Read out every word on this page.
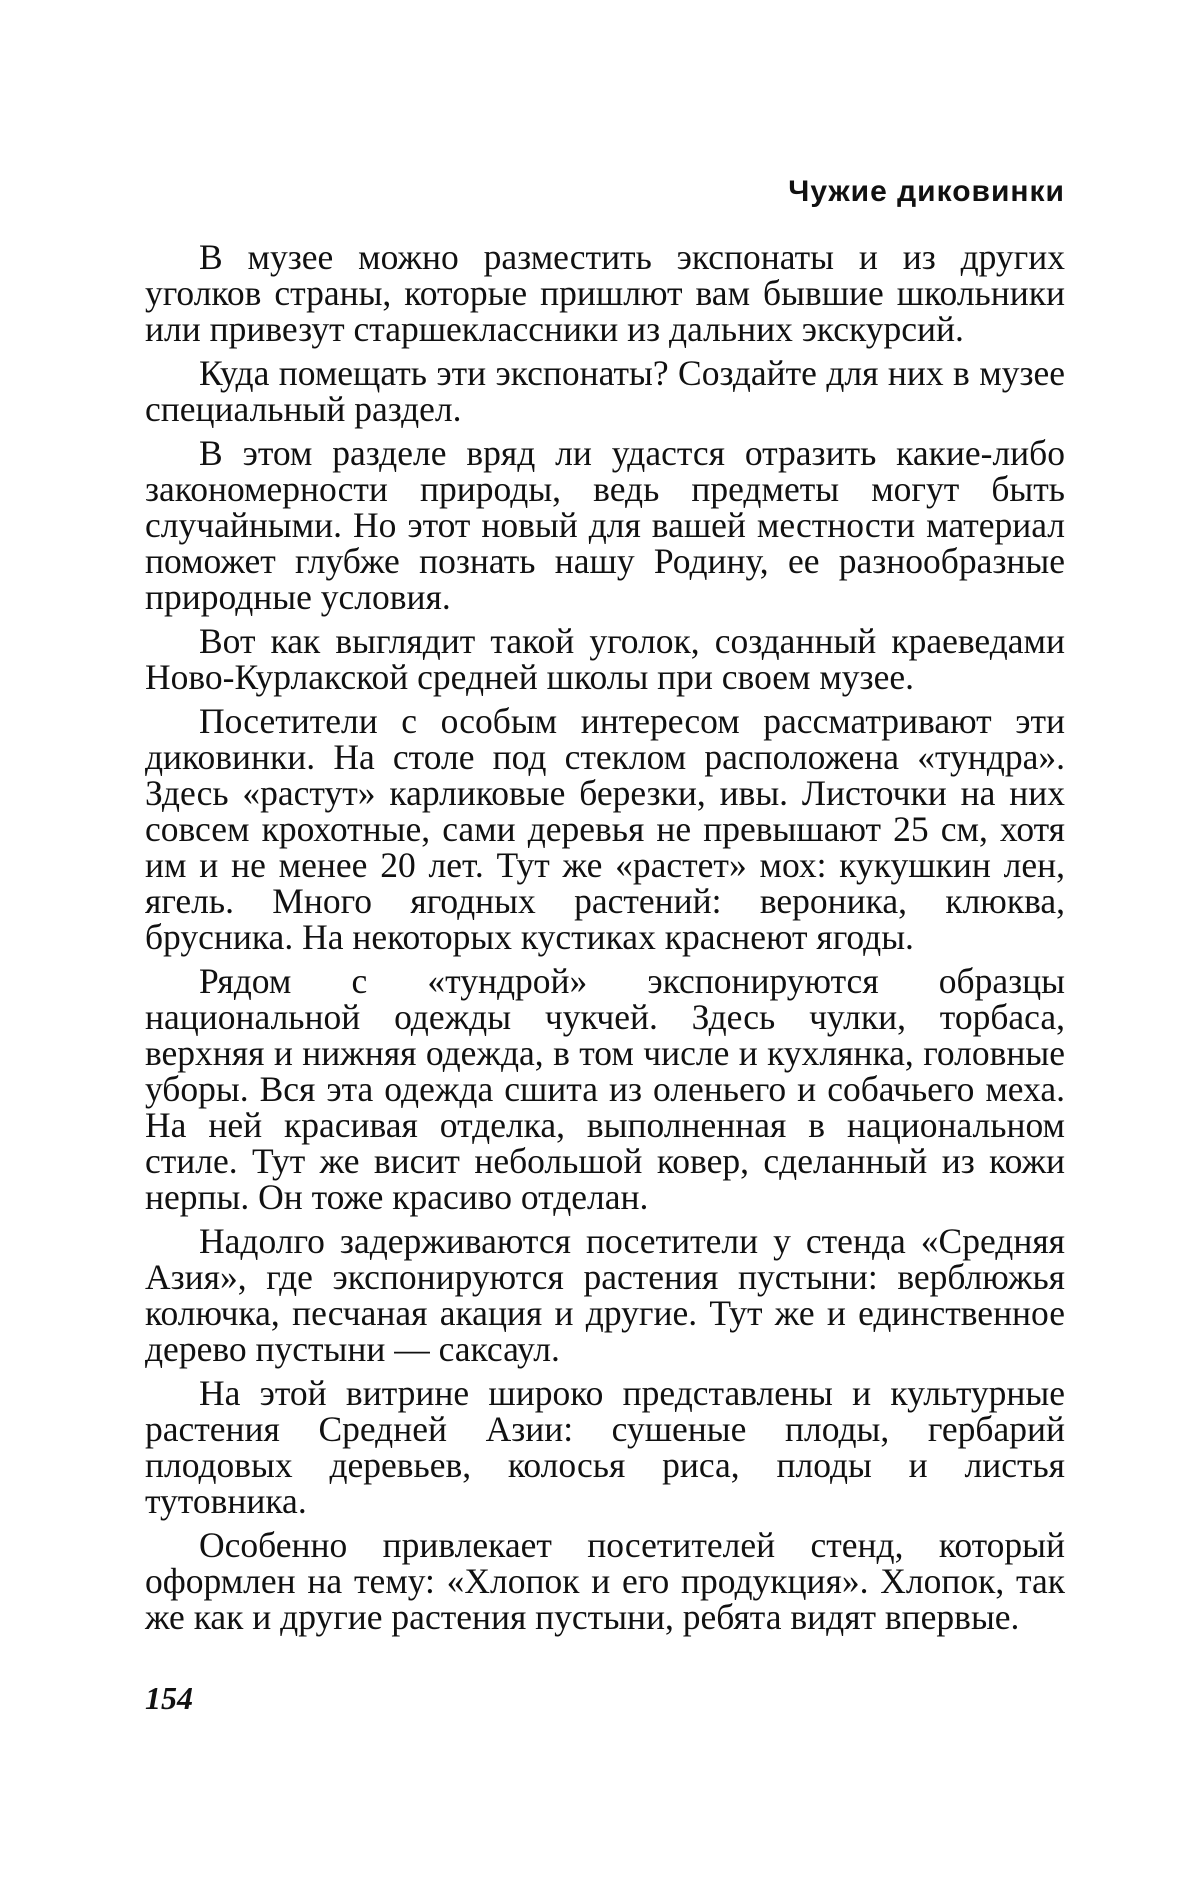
Чужие диковинки

В музее можно разместить экспонаты и из других уголков страны, которые пришлют вам бывшие школьники или привезут старшеклассники из дальних экскурсий.

Куда помещать эти экспонаты? Создайте для них в музее специальный раздел.

В этом разделе вряд ли удастся отразить какие-либо закономерности природы, ведь предметы могут быть случайными. Но этот новый для вашей местности материал поможет глубже познать нашу Родину, ее разнообразные природные условия.

Вот как выглядит такой уголок, созданный краеведами Ново-Курлакской средней школы при своем музее.

Посетители с особым интересом рассматривают эти диковинки. На столе под стеклом расположена «тундра». Здесь «растут» карликовые березки, ивы. Листочки на них совсем крохотные, сами деревья не превышают 25 см, хотя им и не менее 20 лет. Тут же «растет» мох: кукушкин лен, ягель. Много ягодных растений: вероника, клюква, брусника. На некоторых кустиках краснеют ягоды.

Рядом с «тундрой» экспонируются образцы национальной одежды чукчей. Здесь чулки, торбаса, верхняя и нижняя одежда, в том числе и кухлянка, головные уборы. Вся эта одежда сшита из оленьего и собачьего меха. На ней красивая отделка, выполненная в национальном стиле. Тут же висит небольшой ковер, сделанный из кожи нерпы. Он тоже красиво отделан.

Надолго задерживаются посетители у стенда «Средняя Азия», где экспонируются растения пустыни: верблюжья колючка, песчаная акация и другие. Тут же и единственное дерево пустыни — саксаул.

На этой витрине широко представлены и культурные растения Средней Азии: сушеные плоды, гербарий плодовых деревьев, колосья риса, плоды и листья тутовника.

Особенно привлекает посетителей стенд, который оформлен на тему: «Хлопок и его продукция». Хлопок, так же как и другие растения пустыни, ребята видят впервые.

154
